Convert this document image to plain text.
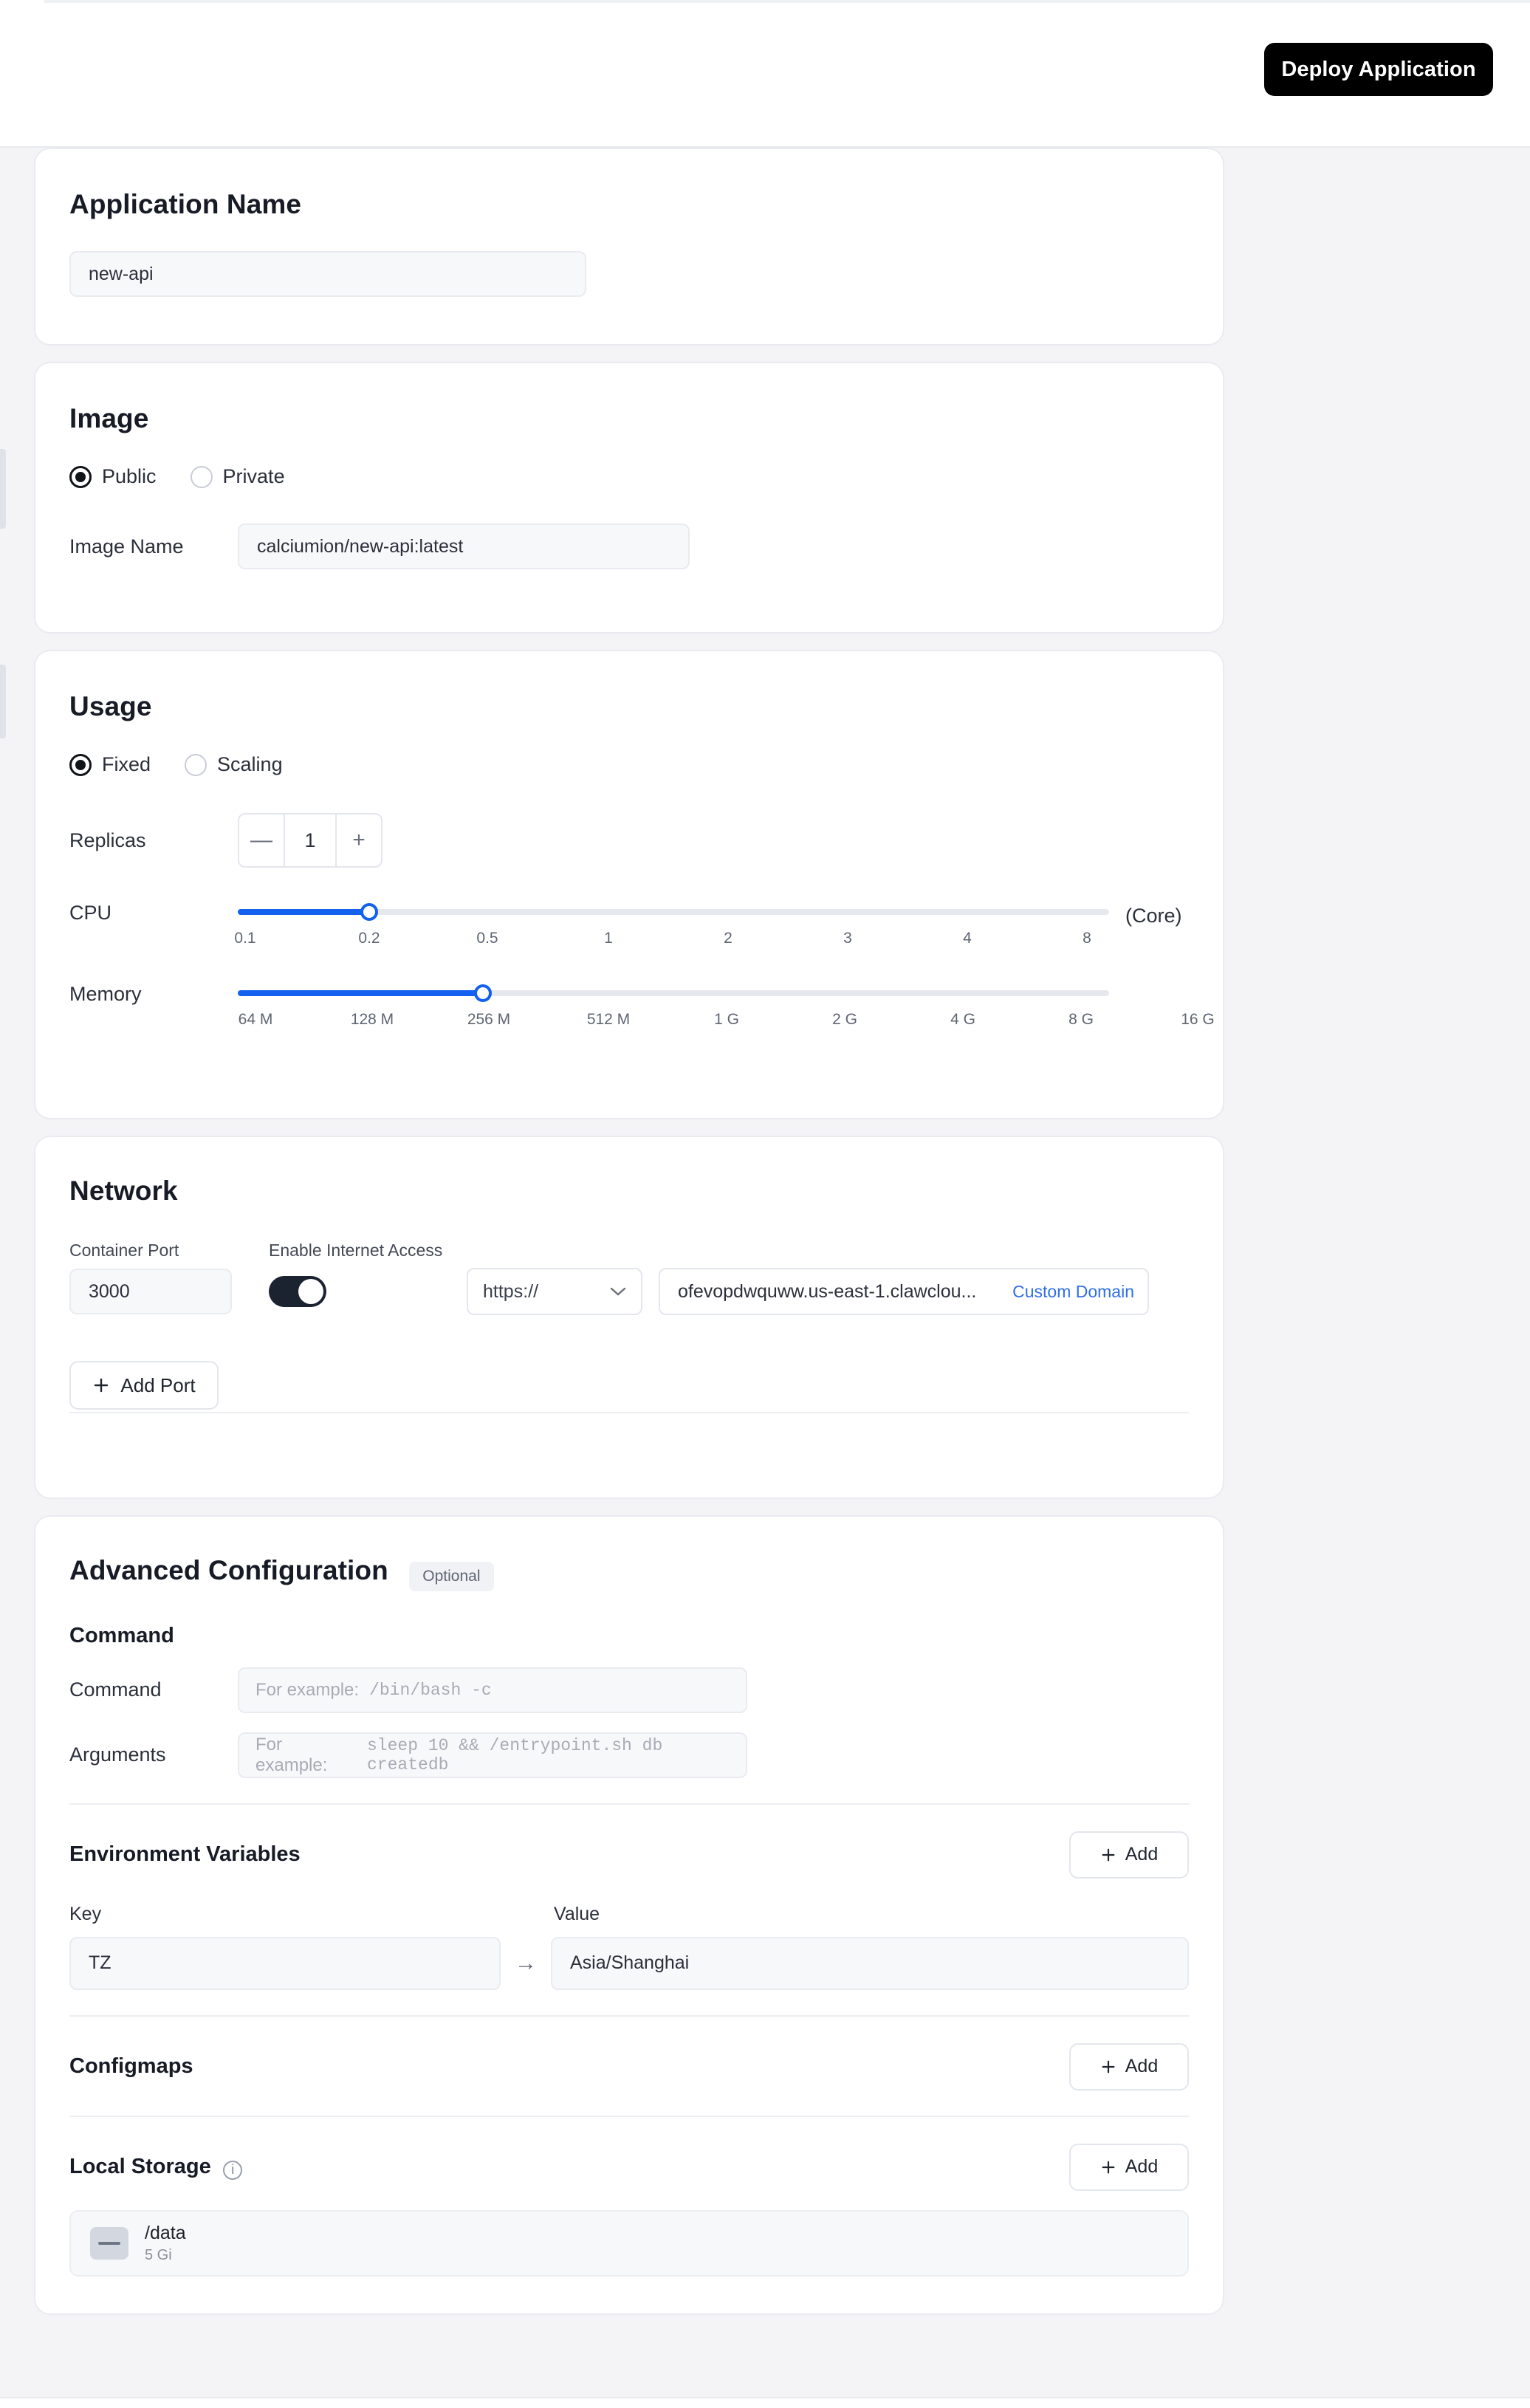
Deploy Application
Application Name
new-api
Image
Public	Private
Image Name	calciumion/new-api:latest
Usage
Fixed	Scaling
Replicas	—	1	+
CPU
0.1	0.2	0.5	1	2	3	4	8
(Core)
Memory
64 M	128 M	256 M	512 M	1 G	2 G	4 G	8 G	16 G
Network
Container Port	Enable Internet Access
3000	https://	ofevopdwquww.us-east-1.clawclou... Custom Domain
Add Port
Advanced Configuration Optional
Command
Command	For example: /bin/bash -c
Arguments	For example:
sleep 10 && /entrypoint.sh db createdb
Environment Variables	Add
Key	Value
TZ	→	Asia/Shanghai
Configmaps	Add
Local Storage i	Add
/data
5 Gi
